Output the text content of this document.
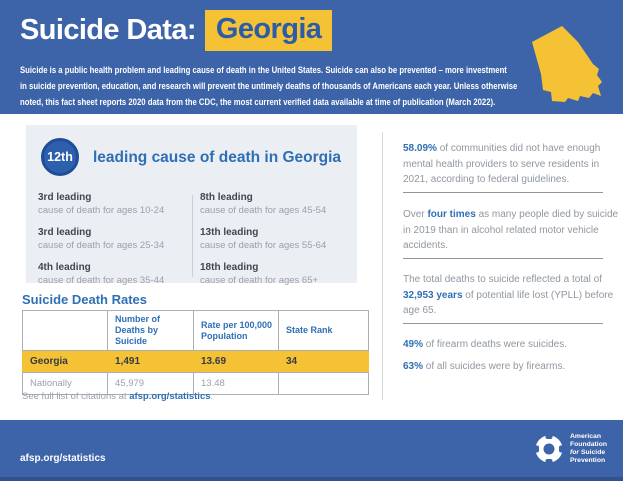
Suicide Data: Georgia
Suicide is a public health problem and leading cause of death in the United States. Suicide can also be prevented – more investment
in suicide prevention, education, and research will prevent the untimely deaths of thousands of Americans each year. Unless otherwise
noted, this fact sheet reports 2020 data from the CDC, the most current verified data available at time of publication (March 2022).
12th	leading cause of death in Georgia
3rd leading
cause of death for ages 10-24
3rd leading
cause of death for ages 25-34
4th leading
cause of death for ages 35-44
8th leading
cause of death for ages 45-54
13th leading
cause of death for ages 55-64
18th leading
cause of death for ages 65+
Suicide Death Rates
	Number of Deaths by Suicide	Rate per 100,000 Population	State Rank
Georgia	1,491	13.69	34
Nationally	45,979	13.48	
See full list of citations at afsp.org/statistics.
58.09% of communities did not have enough mental health providers to serve residents in 2021, according to federal guidelines.
Over four times as many people died by suicide in 2019 than in alcohol related motor vehicle accidents.
The total deaths to suicide reflected a total of 32,953 years of potential life lost (YPLL) before age 65.
49% of firearm deaths were suicides.
63% of all suicides were by firearms.
afsp.org/statistics
American
Foundation
for Suicide
Prevention
